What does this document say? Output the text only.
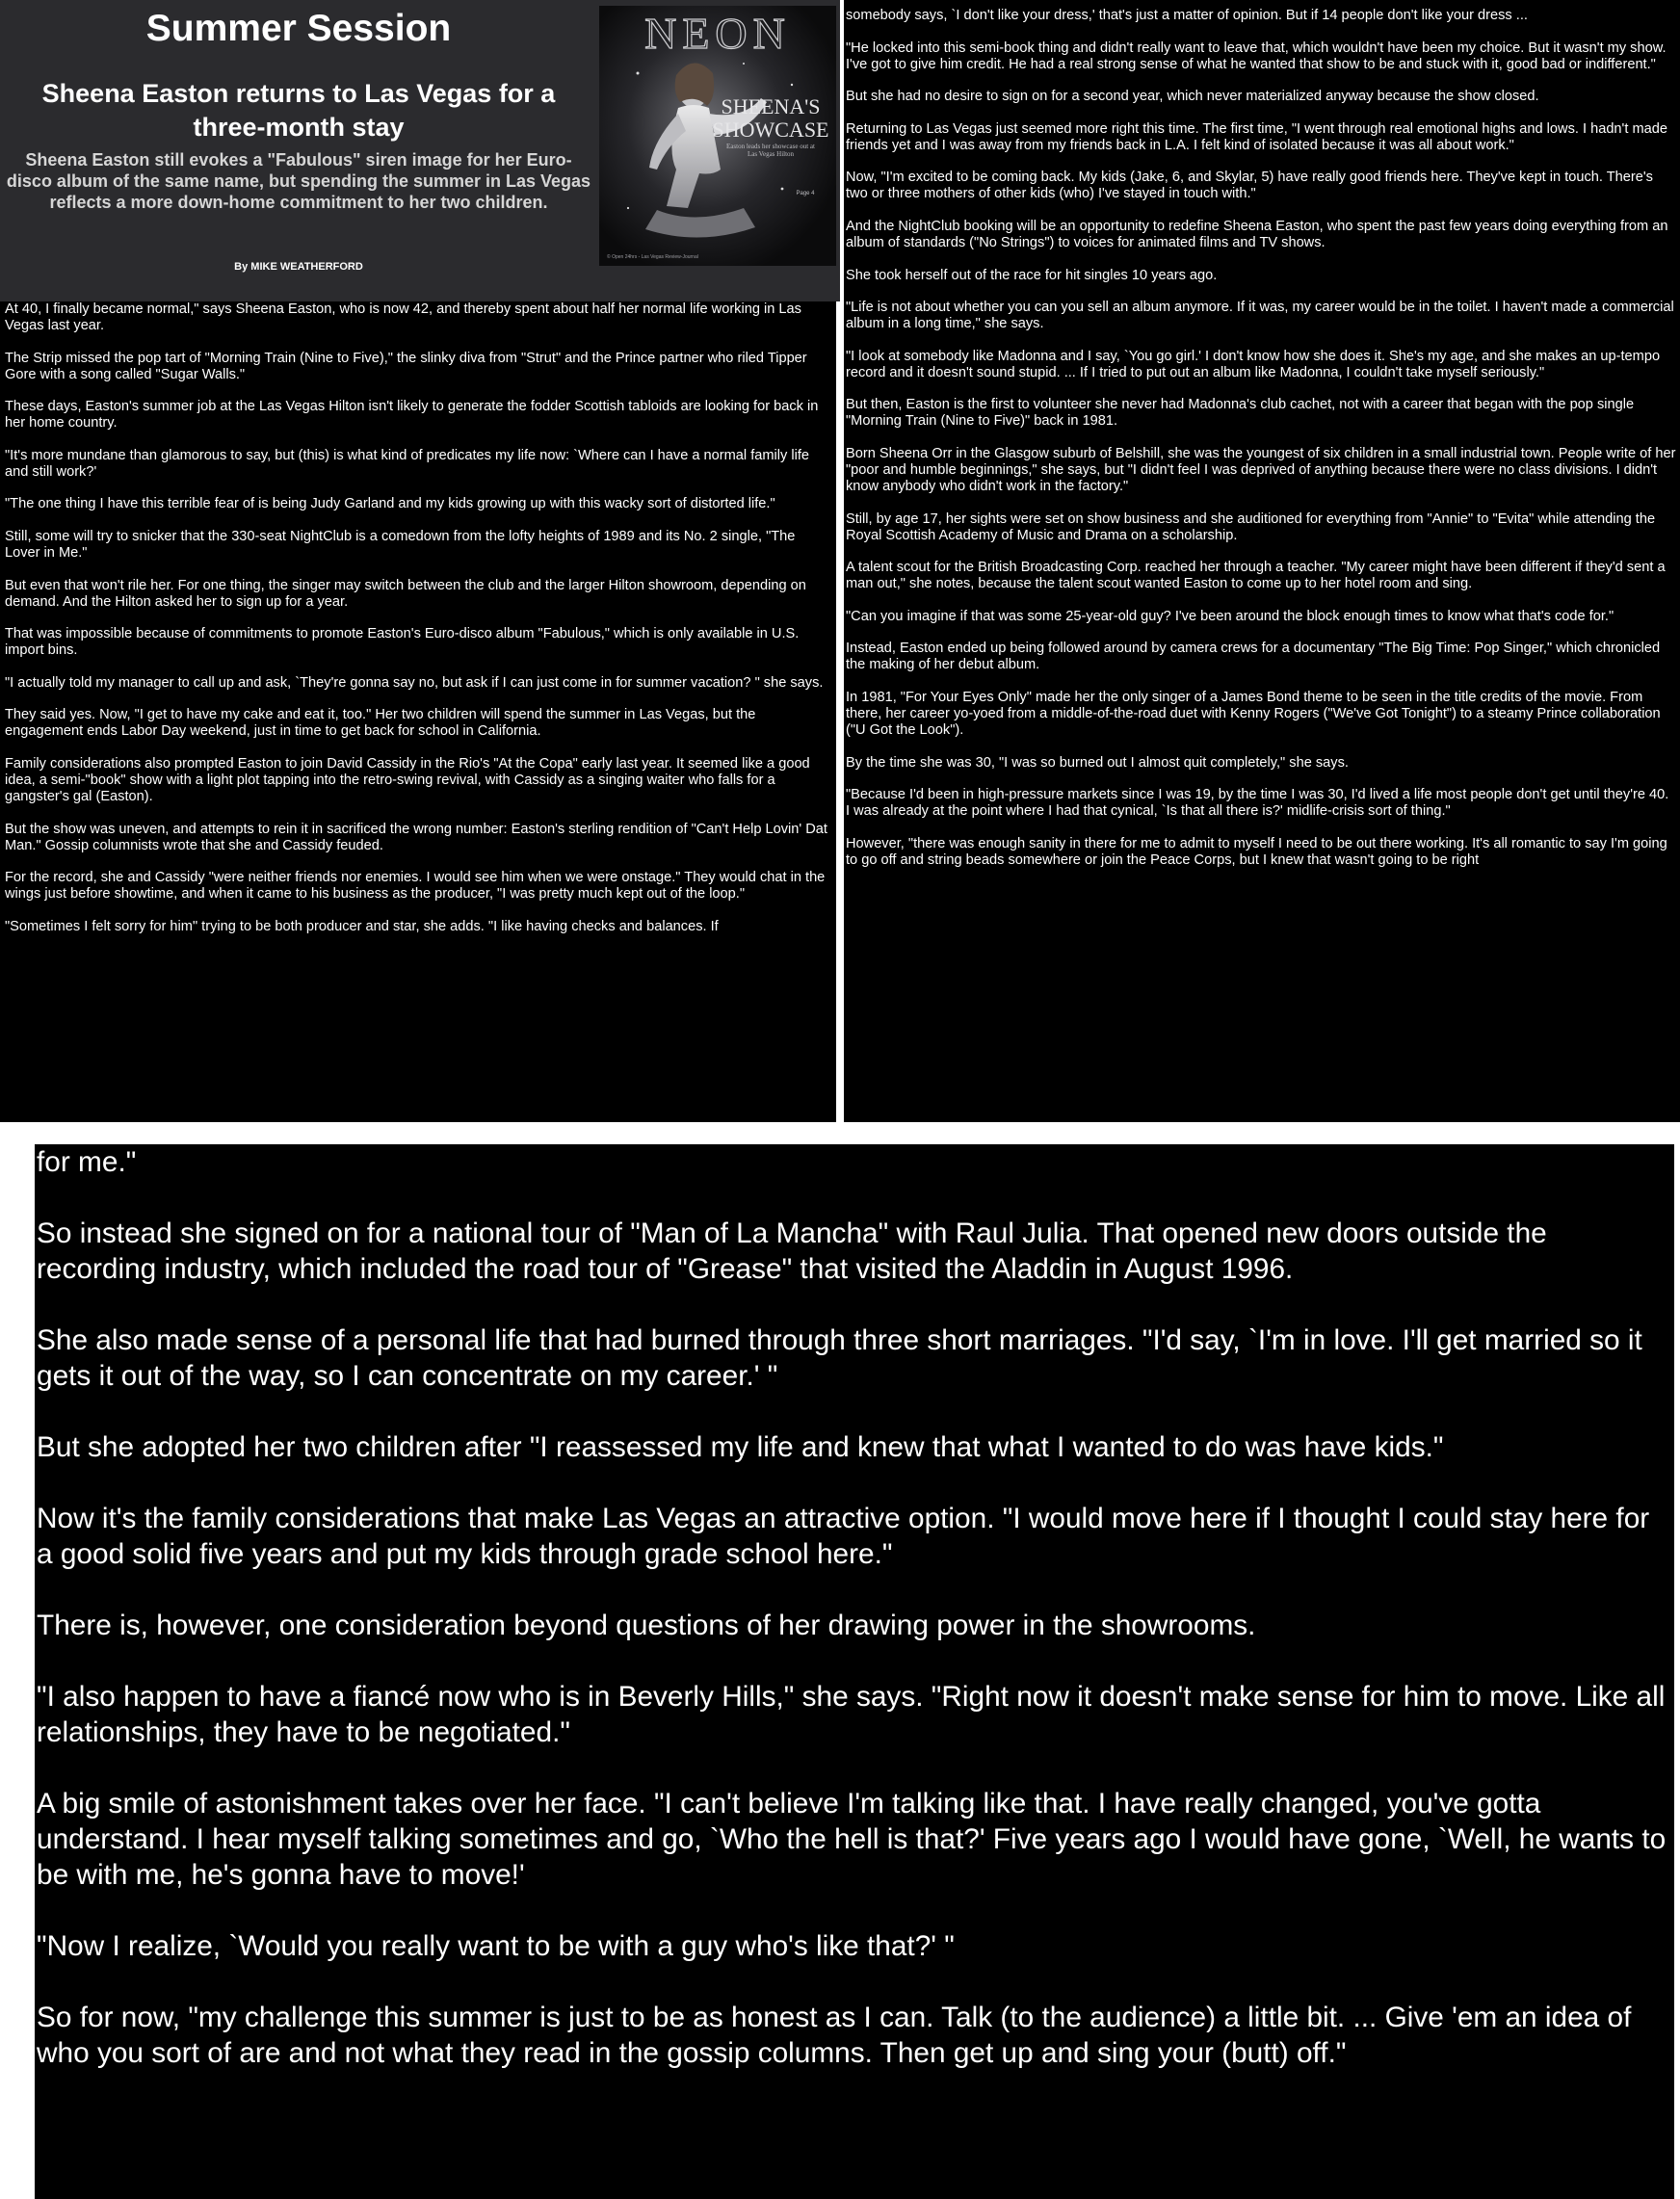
Summer Session
Sheena Easton returns to Las Vegas for a three-month stay
Sheena Easton still evokes a "Fabulous" siren image for her Euro-disco album of the same name, but spending the summer in Las Vegas reflects a more down-home commitment to her two children.
By MIKE WEATHERFORD
NEON
SHEENA'S
SHOWCASE
Easton leads her showcase out at Las Vegas Hilton
Page 4
© Open 24hrs - Las Vegas Review-Journal

At 40, I finally became normal," says Sheena Easton, who is now 42, and thereby spent about half her normal life working in Las Vegas last year.

The Strip missed the pop tart of "Morning Train (Nine to Five)," the slinky diva from "Strut" and the Prince partner who riled Tipper Gore with a song called "Sugar Walls."

These days, Easton's summer job at the Las Vegas Hilton isn't likely to generate the fodder Scottish tabloids are looking for back in her home country.

"It's more mundane than glamorous to say, but (this) is what kind of predicates my life now: `Where can I have a normal family life and still work?'

"The one thing I have this terrible fear of is being Judy Garland and my kids growing up with this wacky sort of distorted life."

Still, some will try to snicker that the 330-seat NightClub is a comedown from the lofty heights of 1989 and its No. 2 single, "The Lover in Me."

But even that won't rile her. For one thing, the singer may switch between the club and the larger Hilton showroom, depending on demand. And the Hilton asked her to sign up for a year.

That was impossible because of commitments to promote Easton's Euro-disco album "Fabulous," which is only available in U.S. import bins.

"I actually told my manager to call up and ask, `They're gonna say no, but ask if I can just come in for summer vacation? " she says.

They said yes. Now, "I get to have my cake and eat it, too." Her two children will spend the summer in Las Vegas, but the engagement ends Labor Day weekend, just in time to get back for school in California.

Family considerations also prompted Easton to join David Cassidy in the Rio's "At the Copa" early last year. It seemed like a good idea, a semi-"book" show with a light plot tapping into the retro-swing revival, with Cassidy as a singing waiter who falls for a gangster's gal (Easton).

But the show was uneven, and attempts to rein it in sacrificed the wrong number: Easton's sterling rendition of "Can't Help Lovin' Dat Man." Gossip columnists wrote that she and Cassidy feuded.

For the record, she and Cassidy "were neither friends nor enemies. I would see him when we were onstage." They would chat in the wings just before showtime, and when it came to his business as the producer, "I was pretty much kept out of the loop."

"Sometimes I felt sorry for him" trying to be both producer and star, she adds. "I like having checks and balances. If

somebody says, `I don't like your dress,' that's just a matter of opinion. But if 14 people don't like your dress ...

"He locked into this semi-book thing and didn't really want to leave that, which wouldn't have been my choice. But it wasn't my show. I've got to give him credit. He had a real strong sense of what he wanted that show to be and stuck with it, good bad or indifferent."

But she had no desire to sign on for a second year, which never materialized anyway because the show closed.

Returning to Las Vegas just seemed more right this time. The first time, "I went through real emotional highs and lows. I hadn't made friends yet and I was away from my friends back in L.A. I felt kind of isolated because it was all about work."

Now, "I'm excited to be coming back. My kids (Jake, 6, and Skylar, 5) have really good friends here. They've kept in touch. There's two or three mothers of other kids (who) I've stayed in touch with."

And the NightClub booking will be an opportunity to redefine Sheena Easton, who spent the past few years doing everything from an album of standards ("No Strings") to voices for animated films and TV shows.

She took herself out of the race for hit singles 10 years ago.

"Life is not about whether you can you sell an album anymore. If it was, my career would be in the toilet. I haven't made a commercial album in a long time," she says.

"I look at somebody like Madonna and I say, `You go girl.' I don't know how she does it. She's my age, and she makes an up-tempo record and it doesn't sound stupid. ... If I tried to put out an album like Madonna, I couldn't take myself seriously."

But then, Easton is the first to volunteer she never had Madonna's club cachet, not with a career that began with the pop single "Morning Train (Nine to Five)" back in 1981.

Born Sheena Orr in the Glasgow suburb of Belshill, she was the youngest of six children in a small industrial town. People write of her "poor and humble beginnings," she says, but "I didn't feel I was deprived of anything because there were no class divisions. I didn't know anybody who didn't work in the factory."

Still, by age 17, her sights were set on show business and she auditioned for everything from "Annie" to "Evita" while attending the Royal Scottish Academy of Music and Drama on a scholarship.

A talent scout for the British Broadcasting Corp. reached her through a teacher. "My career might have been different if they'd sent a man out," she notes, because the talent scout wanted Easton to come up to her hotel room and sing.

"Can you imagine if that was some 25-year-old guy? I've been around the block enough times to know what that's code for."

Instead, Easton ended up being followed around by camera crews for a documentary "The Big Time: Pop Singer," which chronicled the making of her debut album.

In 1981, "For Your Eyes Only" made her the only singer of a James Bond theme to be seen in the title credits of the movie. From there, her career yo-yoed from a middle-of-the-road duet with Kenny Rogers ("We've Got Tonight") to a steamy Prince collaboration ("U Got the Look").

By the time she was 30, "I was so burned out I almost quit completely," she says.

"Because I'd been in high-pressure markets since I was 19, by the time I was 30, I'd lived a life most people don't get until they're 40. I was already at the point where I had that cynical, `Is that all there is?' midlife-crisis sort of thing."

However, "there was enough sanity in there for me to admit to myself I need to be out there working. It's all romantic to say I'm going to go off and string beads somewhere or join the Peace Corps, but I knew that wasn't going to be right

for me."

So instead she signed on for a national tour of "Man of La Mancha" with Raul Julia. That opened new doors outside the recording industry, which included the road tour of "Grease" that visited the Aladdin in August 1996.

She also made sense of a personal life that had burned through three short marriages. "I'd say, `I'm in love. I'll get married so it gets it out of the way, so I can concentrate on my career.' "

But she adopted her two children after "I reassessed my life and knew that what I wanted to do was have kids."

Now it's the family considerations that make Las Vegas an attractive option. "I would move here if I thought I could stay here for a good solid five years and put my kids through grade school here."

There is, however, one consideration beyond questions of her drawing power in the showrooms.

"I also happen to have a fiancé now who is in Beverly Hills," she says. "Right now it doesn't make sense for him to move. Like all relationships, they have to be negotiated."

A big smile of astonishment takes over her face. "I can't believe I'm talking like that. I have really changed, you've gotta understand. I hear myself talking sometimes and go, `Who the hell is that?' Five years ago I would have gone, `Well, he wants to be with me, he's gonna have to move!'

"Now I realize, `Would you really want to be with a guy who's like that?' "

So for now, "my challenge this summer is just to be as honest as I can. Talk (to the audience) a little bit. ... Give 'em an idea of who you sort of are and not what they read in the gossip columns. Then get up and sing your (butt) off."
